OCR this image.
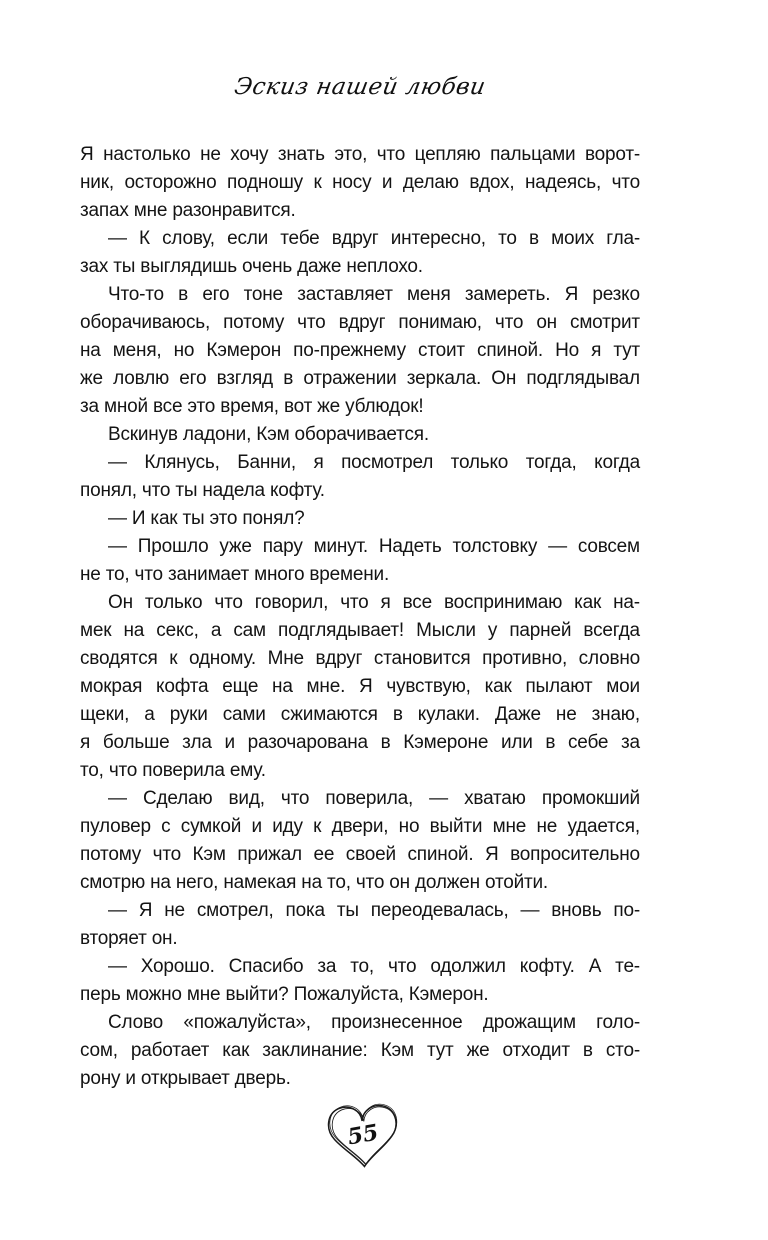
Эскиз нашей любви
Я настолько не хочу знать это, что цепляю пальцами ворот-
ник, осторожно подношу к носу и делаю вдох, надеясь, что
запах мне разонравится.
— К слову, если тебе вдруг интересно, то в моих гла-
зах ты выглядишь очень даже неплохо.
Что-то в его тоне заставляет меня замереть. Я резко
оборачиваюсь, потому что вдруг понимаю, что он смотрит
на меня, но Кэмерон по-прежнему стоит спиной. Но я тут
же ловлю его взгляд в отражении зеркала. Он подглядывал
за мной все это время, вот же ублюдок!
Вскинув ладони, Кэм оборачивается.
— Клянусь, Банни, я посмотрел только тогда, когда
понял, что ты надела кофту.
— И как ты это понял?
— Прошло уже пару минут. Надеть толстовку — совсем
не то, что занимает много времени.
Он только что говорил, что я все воспринимаю как на-
мек на секс, а сам подглядывает! Мысли у парней всегда
сводятся к одному. Мне вдруг становится противно, словно
мокрая кофта еще на мне. Я чувствую, как пылают мои
щеки, а руки сами сжимаются в кулаки. Даже не знаю,
я больше зла и разочарована в Кэмероне или в себе за
то, что поверила ему.
— Сделаю вид, что поверила, — хватаю промокший
пуловер с сумкой и иду к двери, но выйти мне не удается,
потому что Кэм прижал ее своей спиной. Я вопросительно
смотрю на него, намекая на то, что он должен отойти.
— Я не смотрел, пока ты переодевалась, — вновь по-
вторяет он.
— Хорошо. Спасибо за то, что одолжил кофту. А те-
перь можно мне выйти? Пожалуйста, Кэмерон.
Слово «пожалуйста», произнесенное дрожащим голо-
сом, работает как заклинание: Кэм тут же отходит в сто-
рону и открывает дверь.
55
